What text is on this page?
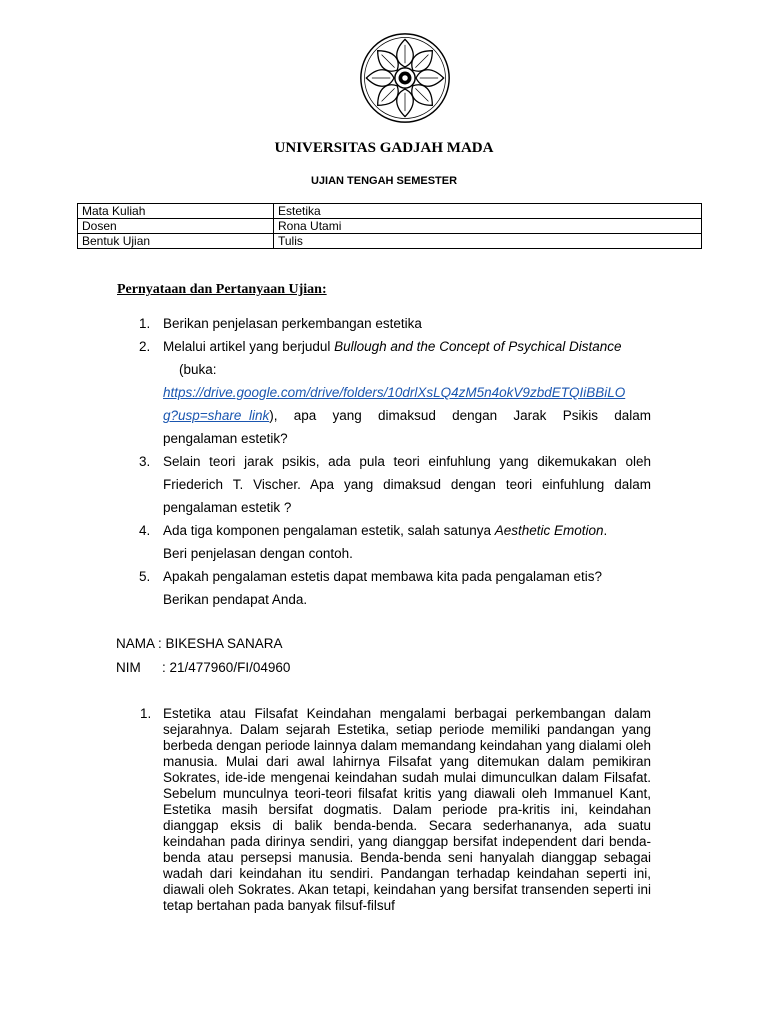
UNIVERSITAS GADJAH MADA
UJIAN TENGAH SEMESTER
Mata Kuliah	Estetika
Dosen	Rona Utami
Bentuk Ujian	Tulis
Pernyataan dan Pertanyaan Ujian:
1. Berikan penjelasan perkembangan estetika
2. Melalui artikel yang berjudul Bullough and the Concept of Psychical Distance
(buka:
https://drive.google.com/drive/folders/10drlXsLQ4zM5n4okV9zbdETQIiBBiLO
g?usp=share_link), apa yang dimaksud dengan Jarak Psikis dalam
pengalaman estetik?
3. Selain teori jarak psikis, ada pula teori einfuhlung yang dikemukakan oleh
Friederich T. Vischer. Apa yang dimaksud dengan teori einfuhlung dalam
pengalaman estetik ?
4. Ada tiga komponen pengalaman estetik, salah satunya Aesthetic Emotion.
Beri penjelasan dengan contoh.
5. Apakah pengalaman estetis dapat membawa kita pada pengalaman etis?
Berikan pendapat Anda.
NAMA : BIKESHA SANARA
NIM : 21/477960/FI/04960
1. Estetika atau Filsafat Keindahan mengalami berbagai perkembangan dalam sejarahnya. Dalam sejarah Estetika, setiap periode memiliki pandangan yang berbeda dengan periode lainnya dalam memandang keindahan yang dialami oleh manusia. Mulai dari awal lahirnya Filsafat yang ditemukan dalam pemikiran Sokrates, ide-ide mengenai keindahan sudah mulai dimunculkan dalam Filsafat. Sebelum munculnya teori-teori filsafat kritis yang diawali oleh Immanuel Kant, Estetika masih bersifat dogmatis. Dalam periode pra-kritis ini, keindahan dianggap eksis di balik benda-benda. Secara sederhananya, ada suatu keindahan pada dirinya sendiri, yang dianggap bersifat independent dari benda-benda atau persepsi manusia. Benda-benda seni hanyalah dianggap sebagai wadah dari keindahan itu sendiri. Pandangan terhadap keindahan seperti ini, diawali oleh Sokrates. Akan tetapi, keindahan yang bersifat transenden seperti ini tetap bertahan pada banyak filsuf-filsuf
